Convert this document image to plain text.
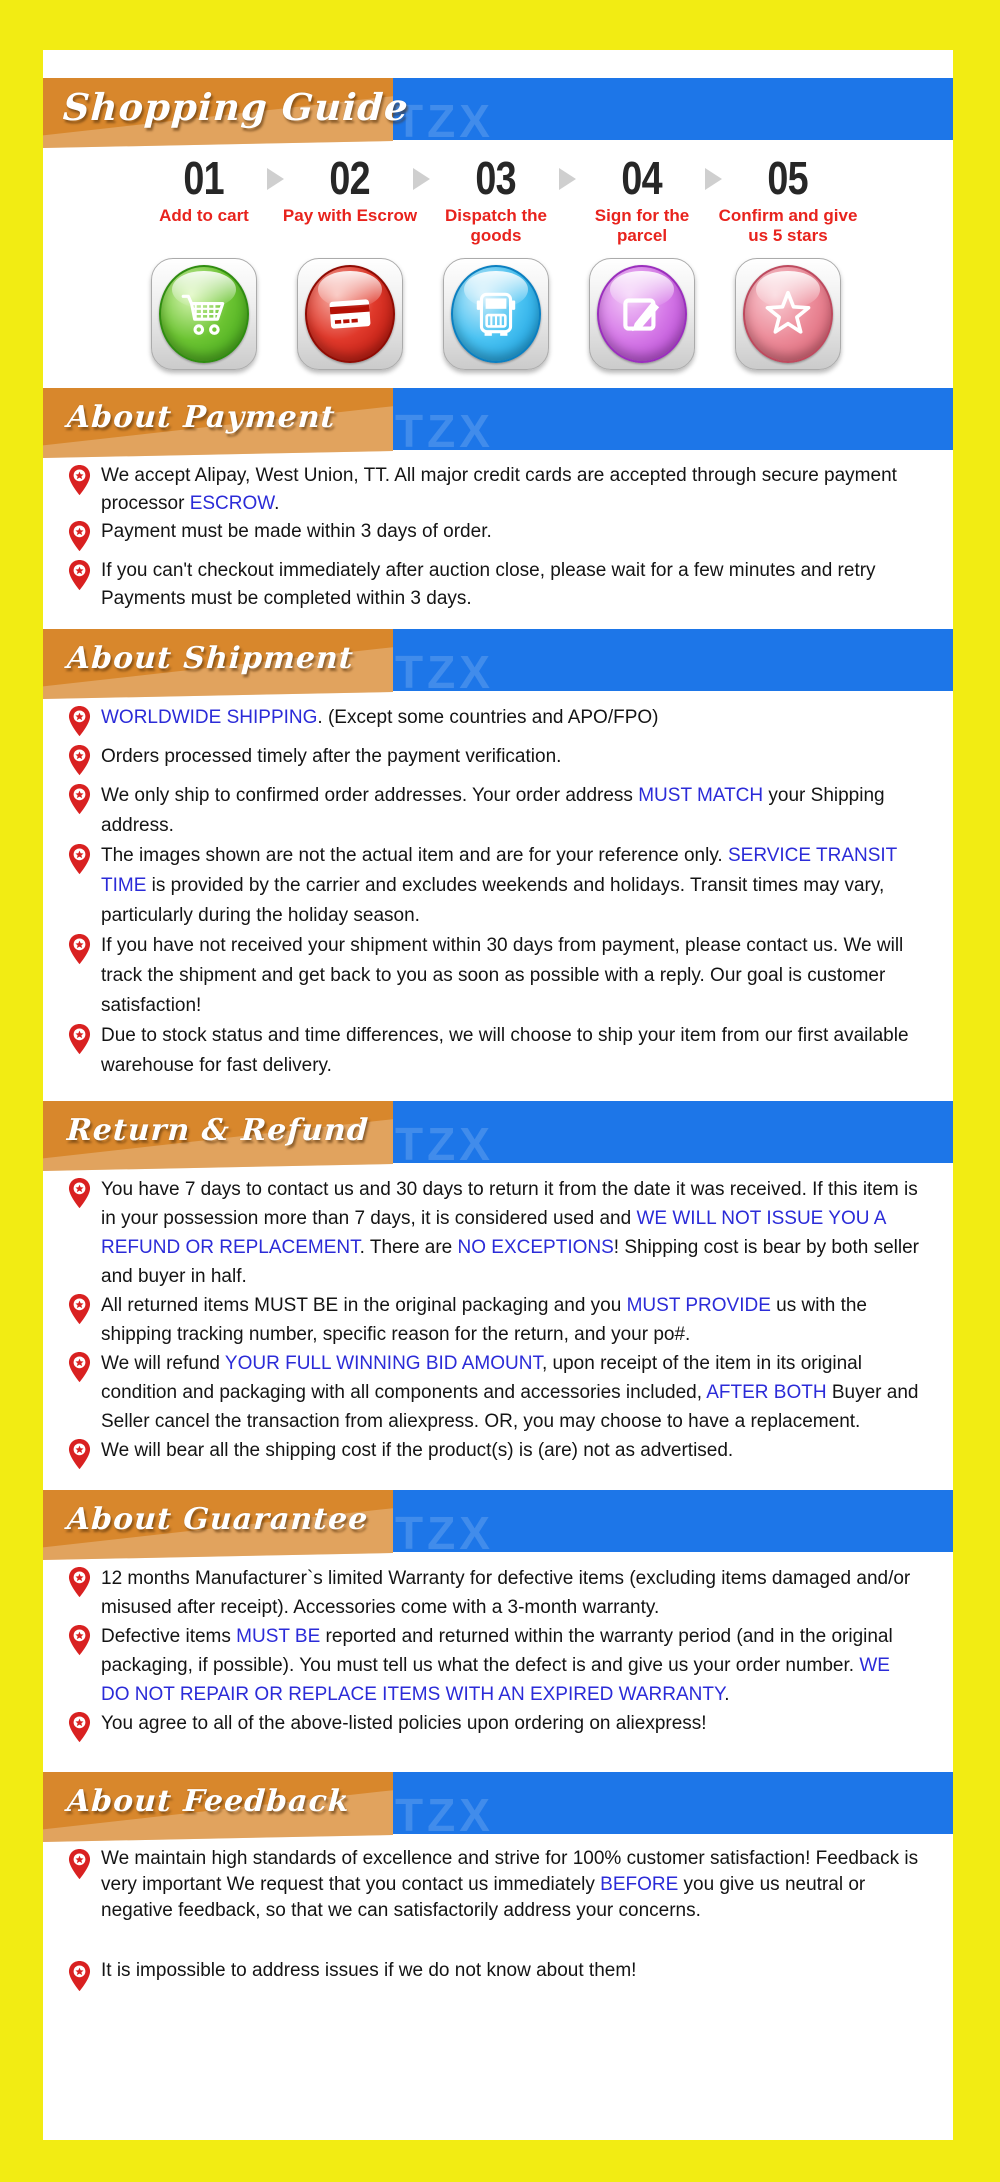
Shopping Guide
TZX
01
Add to cart
02
Pay with Escrow
03
Dispatch the goods
04
Sign for the parcel
05
Confirm and give us 5 stars
About Payment TZX

We accept Alipay, West Union, TT. All major credit cards are accepted through secure payment processor ESCROW.

Payment must be made within 3 days of order.

If you can't checkout immediately after auction close, please wait for a few minutes and retry Payments must be completed within 3 days.

About Shipment TZX

WORLDWIDE SHIPPING. (Except some countries and APO/FPO)

Orders processed timely after the payment verification.

We only ship to confirmed order addresses. Your order address MUST MATCH your Shipping address.

The images shown are not the actual item and are for your reference only. SERVICE TRANSIT TIME is provided by the carrier and excludes weekends and holidays. Transit times may vary, particularly during the holiday season.

If you have not received your shipment within 30 days from payment, please contact us. We will track the shipment and get back to you as soon as possible with a reply. Our goal is customer satisfaction!

Due to stock status and time differences, we will choose to ship your item from our first available warehouse for fast delivery.

Return & Refund TZX

You have 7 days to contact us and 30 days to return it from the date it was received. If this item is in your possession more than 7 days, it is considered used and WE WILL NOT ISSUE YOU A REFUND OR REPLACEMENT. There are NO EXCEPTIONS! Shipping cost is bear by both seller and buyer in half.

All returned items MUST BE in the original packaging and you MUST PROVIDE us with the shipping tracking number, specific reason for the return, and your po#.

We will refund YOUR FULL WINNING BID AMOUNT, upon receipt of the item in its original condition and packaging with all components and accessories included, AFTER BOTH Buyer and Seller cancel the transaction from aliexpress. OR, you may choose to have a replacement.

We will bear all the shipping cost if the product(s) is (are) not as advertised.

About Guarantee TZX

12 months Manufacturer`s limited Warranty for defective items (excluding items damaged and/or misused after receipt). Accessories come with a 3-month warranty.

Defective items MUST BE reported and returned within the warranty period (and in the original packaging, if possible). You must tell us what the defect is and give us your order number. WE DO NOT REPAIR OR REPLACE ITEMS WITH AN EXPIRED WARRANTY.

You agree to all of the above-listed policies upon ordering on aliexpress!

About Feedback TZX

We maintain high standards of excellence and strive for 100% customer satisfaction! Feedback is very important We request that you contact us immediately BEFORE you give us neutral or negative feedback, so that we can satisfactorily address your concerns.

It is impossible to address issues if we do not know about them!
